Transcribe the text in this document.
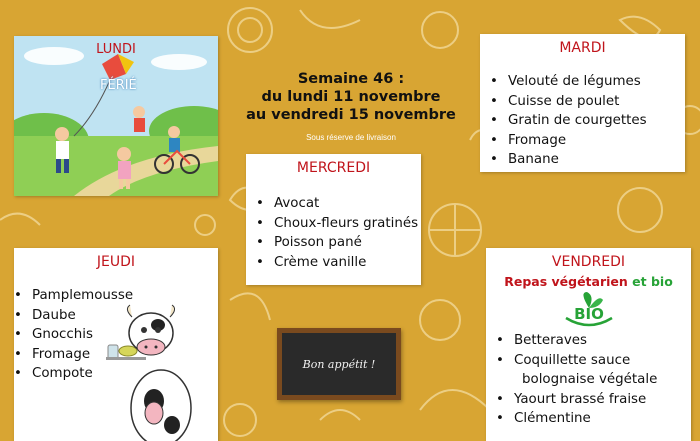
Semaine 46 :
du lundi 11 novembre
au vendredi 15 novembre
Sous réserve de livraison
LUNDI
FÉRIÉ
MARDI
• Velouté de légumes
• Cuisse de poulet
• Gratin de courgettes
• Fromage
• Banane
MERCREDI
• Avocat
• Choux-fleurs gratinés
• Poisson pané
• Crème vanille
JEUDI
• Pamplemousse
• Daube
• Gnocchis
• Fromage
• Compote
VENDREDI
Repas végétarien et bio
BIO
• Betteraves
• Coquillette sauce
bolognaise végétale
• Yaourt brassé fraise
• Clémentine
Bon appétit !
